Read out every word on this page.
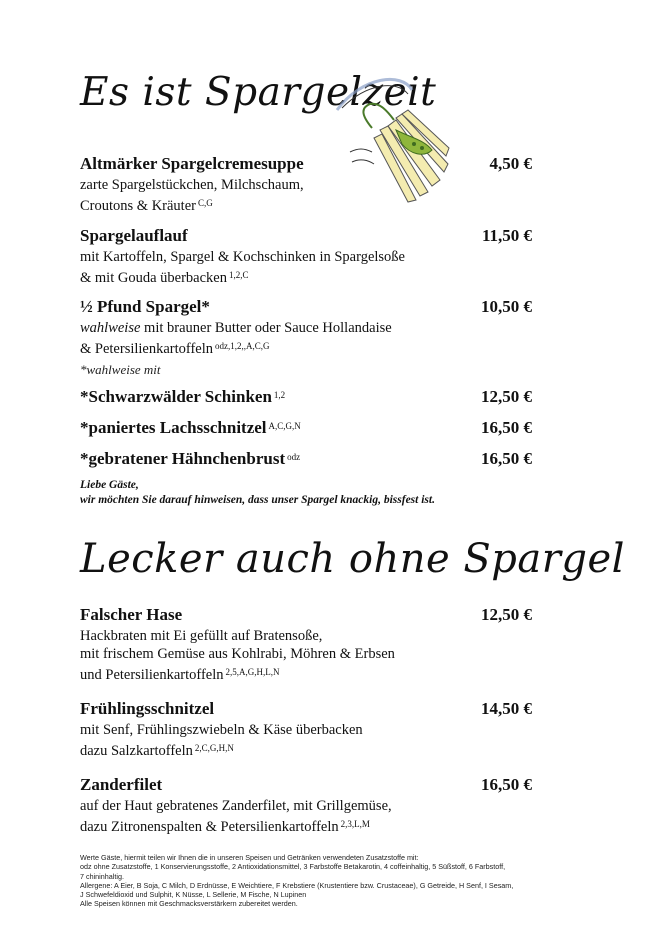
Es ist Spargelzeit
Altmärker Spargelcremesuppe	4,50 €
zarte Spargelstückchen, Milchschaum,
Croutons & Kräuter $^{C,G}$
Spargelauflauf	11,50 €
mit Kartoffeln, Spargel & Kochschinken in Spargelsoße
& mit Gouda überbacken $^{1,2,C}$
½ Pfund Spargel*	10,50 €
wahlweise mit brauner Butter oder Sauce Hollandaise
& Petersilienkartoffeln $^{odz,1,2,,A,C,G}$
*wahlweise mit
*Schwarzwälder Schinken $^{1,2}$	12,50 €
*paniertes Lachsschnitzel $^{A,C,G,N}$	16,50 €
*gebratener Hähnchenbrust $^{odz}$	16,50 €
Liebe Gäste,
wir möchten Sie darauf hinweisen, dass unser Spargel knackig, bissfest ist.
Lecker auch ohne Spargel
Falscher Hase	12,50 €
Hackbraten mit Ei gefüllt auf Bratensoße,
mit frischem Gemüse aus Kohlrabi, Möhren & Erbsen
und Petersilienkartoffeln $^{2,5,A,G,H,L,N}$
Frühlingsschnitzel	14,50 €
mit Senf, Frühlingszwiebeln & Käse überbacken
dazu Salzkartoffeln $^{2,C,G,H,N}$
Zanderfilet	16,50 €
auf der Haut gebratenes Zanderfilet, mit Grillgemüse,
dazu Zitronenspalten & Petersilienkartoffeln $^{2,3,L,M}$
Werte Gäste, hiermit teilen wir Ihnen die in unseren Speisen und Getränken verwendeten Zusatzstoffe mit:
odz ohne Zusatzstoffe, 1 Konservierungsstoffe, 2 Antioxidationsmittel, 3 Farbstoffe Betakarotin, 4 coffeinhaltig, 5 Süßstoff, 6 Farbstoff,
7 chininhaltig.
Allergene: A Eier, B Soja, C Milch, D Erdnüsse, E Weichtiere, F Krebstiere (Krustentiere bzw. Crustaceae), G Getreide, H Senf, I Sesam,
J Schwefeldioxid und Sulphit, K Nüsse, L Sellerie, M Fische, N Lupinen
Alle Speisen können mit Geschmacksverstärkern zubereitet werden.
